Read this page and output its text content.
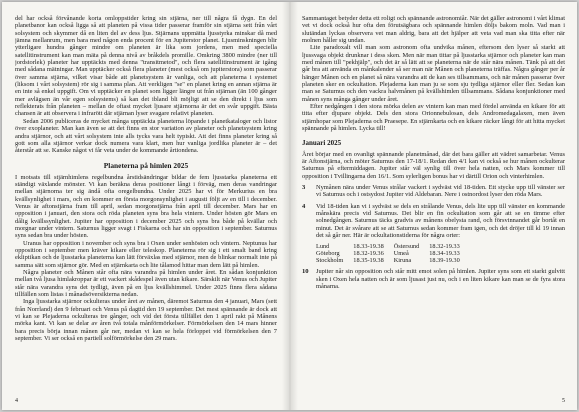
del har också förvånande korta omloppstider kring sin stjärna, ner till några få dygn. En del planetbanor kan också ligga så att planeten på vissa tider passerar framför sin stjärna sett från vårt solsystem och skymmer då en liten del av dess ljus. Stjärnans uppmätta ljusstyrka minskar då med jämna mellanrum, men bara med någon enda procent för en Jupiterstor planet. Ljusminskningen blir ytterligare hundra gånger mindre om planeten är lika som jordens, men med speciella satellitinstrument kan man mäta på denna nivå av bråkdels promille. Omkring 3800 mindre (ner till jordstorlek) planeter har upptäckts med denna "transitmetod", och flera satellitinstrument är igång med sådana mätningar. Man upptäcker också flera planeter (mest också om jupiterstora) som passerar över samma stjärna, vilket visar både att planetsystem är vanliga, och att planeterna i systemet (liksom i vårt solsystem) rör sig i samma plan. Att verkligen "se" en planet kring en annan stjärna är en inte så enkel uppgift. Om vi upptäcker en planet som ligger längre ut från stjärnan (än 100 gånger mer avlägsen än vår egen solsystems) så kan det ibland bli möjligt att se den direkt i ljus som reflekterats från planeten – mellan de oftast mycket ljusare stjärnorna är det en svår uppgift. Bästa chansen är att observera i infrarött där stjärnan lyser svagare relativt planeten.

Sedan 2006 publiceras de mycket många upptäckta planeterna löpande i planetkataloger och listor över exoplaneter. Man kan även se att det finns en stor variation av planeter och planetsystem kring andra stjärnor, och att vårt solsystem inte alls tycks vara helt typiskt. Att det finns planeter kring så gott som alla stjärnor verkar dock numera vara klart, men hur vanliga jordlika planeter är – det återstår att se. Kanske något vi får veta under de kommande årtiondena.

Planeterna på himlen 2025

I motsats till stjärnhimlens regelbundna årstidsändringar bildar de fem ljusstarka planeterna ett ständigt växlande mönster. Vi kan beräkna deras positioner långt i förväg, men deras vandringar mellan stjärnorna ter sig ändå ofta oregelbundna. Under 2025 har vi för Merkurius en bra kvällsynlighet i mars, och en kommer en första morgonsynlighet i augusti följt av en till i december. Venus är aftonstjärna fram till april, sedan morgonstjärna från april till december. Mars har en opposition i januari, den stora och röda planeten syns bra hela vintern. Under hösten gör Mars en dålig kvällssynlighet. Jupiter har opposition i december 2025 och syns bra både på kvällar och morgnar under vintern. Saturnus ligger svagt i Fiskarna och har sin opposition i september. Saturnus syns sedan bra under hösten.

Uranus har opposition i november och syns bra i Oxen under senhösten och vintern. Neptunus har opposition i september men kräver kikare eller teleskop. Planeterna rör sig i ett smalt band kring ekliptikan och de ljusstarka planeterna kan lätt förväxlas med stjärnor, men de blinkar normalt inte på samma sätt som stjärnor gör. Med en stjärnkarta och lite tålamod hittar man dem lätt på himlen.

Några planeter och Månen står ofta nära varandra på himlen under året. En sådan konjunktion mellan två ljusa himlakroppar är ett vackert skådespel även utan kikare. Särskilt när Venus och Jupiter står nära varandra syns det tydligt, även på en ljus kvällshimmel. Under 2025 finns flera sådana tillfällen som listas i månadsöversikterna nedan.

Inga ljusstarka stjärnor ockulteras under året av månen, däremot Saturnus den 4 januari, Mars (sett från Norrland) den 9 februari och Venus på dagtid den 19 september. Det mest spännande är dock att vi kan se Plejaderna ockulteras tre gånger, och vid det första tillfället den 1 april rakt på Månens mörka kant. Vi kan se delar av åren två totala månförmörkelser. Förmörkelsen den 14 mars hinner bara precis börja innan månen går ner, medan vi kan se hela förloppet vid förmörkelsen den 7 september. Vi ser också en partiell solförmörkelse den 29 mars.

4

Sammantaget betyder detta ett roligt och spännande astronomiår. När det gäller astronomi i vårt klimat vet vi dock också hur ofta den förutsägbara och spännande himlen döljs bakom moln. Vad man i slutändan lyckas observera vet man aldrig, bara att det hjälper att veta vad man ska titta efter när molnen håller sig undan.

Lite paradoxalt vill man som astronom ofta undvika månen, eftersom den lyser så starkt att ljussvaga objekt drunknar i dess sken. Men när man tittar på ljusstarka stjärnor och planeter kan man med månen till "pekhjälp", och det är så lätt att se planeterna när de står nära månen. Tänk på att det går bra att använda en månkalender så ser man när Månen och planeterna träffas. Några gånger per år hänger Månen och en planet så nära varandra att de kan ses tillsammans, och när månen passerar över planeten sker en ockultation. Plejaderna kan man ju se som sju tydliga stjärnor eller fler. Sedan kan man se Saturnus och den vackra halvmånen på kvällshimlen tillsammans. Sådana konjunktioner med månen syns många gånger under året.

Efter nedgången i den stora mörka delen av vintern kan man med fördel använda en kikare för att titta efter djupare objekt. Dels den stora Orionnebulosan, dels Andromedagalaxen, men även stjärnhopar som Plejaderna och Praesepe. En stjärnkarta och en kikare räcker långt för att hitta mycket spännande på himlen. Lycka till!

Januari 2025

Året börjar med en ovanligt spännande planetmånad, där det bara gäller att vädret samarbetar. Venus är Aftonstjärna, och möter Saturnus den 17-18/1. Redan den 4/1 kan vi också se hur månen ockulterar Saturnus på eftermiddagen. Jupiter står väl synlig till över hela natten, och Mars kommer till opposition i Tvillingarna den 16/1. Som sylerligen bonus har vi därtill Orion och vinterhimlen.

3	Nymånen nära under Venus strålar vackert i sydväst vid 18-tiden. Ett stycke upp till vänster ser vi Saturnus och i ostsydost Jupiter vid Aldebaran. Nere i ostnordost lyser den röda Mars.

4	Vid 18-tiden kan vi i sydväst se dels en strålande Venus, dels lite upp till vänster en kommande månskära precis vid Saturnus. Det blir en fin ockultation som går att se en timme efter solnedgången. Saturnus täcks gradvis av månens obelysta rand, och försvinnandet går bortåt en minut. Det är svårare att se att Saturnus sedan kommer fram igen, och det dröjer till kl 19 innan det så går ner. Här är ockultationstiderna för några orter:

Lund	18.33-19.38	Östersund	18.32-19.33
Göteborg	18.32-19.36	Umeå	18.34-19.33
Stockholm	18.35-19.38	Kiruna	18.39-19.30
10	Jupiter når sin opposition och står mitt emot solen på himlen. Jupiter syns som ett starkt gulvitt sken i Oxen hela natten och är som ljusast just nu, och i en liten kikare kan man se de fyra stora månarna.

5
